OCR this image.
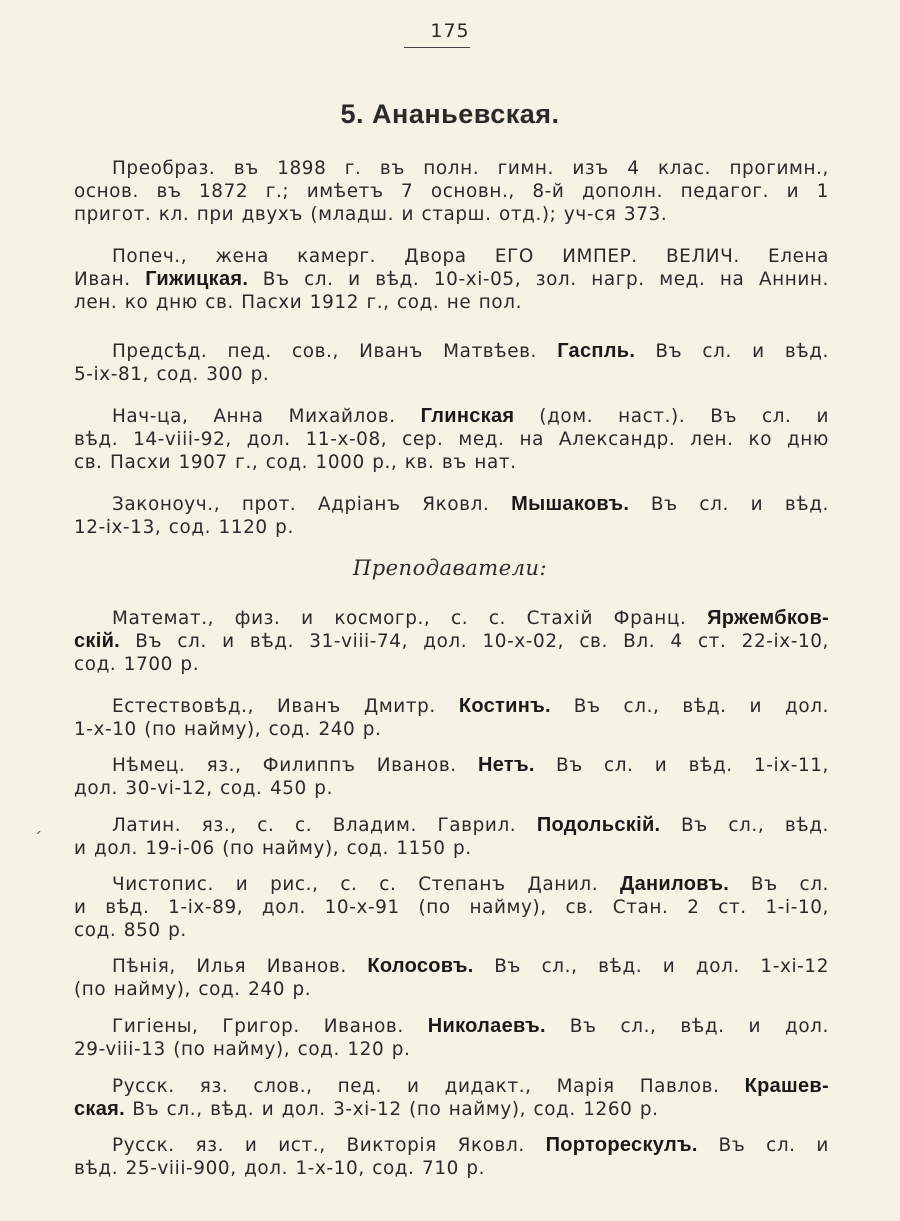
175
5. Ананьевская.
Преобраз. въ 1898 г. въ полн. гимн. изъ 4 клас. прогимн.,
основ. въ 1872 г.; имѣетъ 7 основн., 8-й дополн. педагог. и 1
пригот. кл. при двухъ (младш. и старш. отд.); уч-ся 373.
Попеч., жена камерг. Двора ЕГО ИМПЕР. ВЕЛИЧ. Елена
Иван. Гижицкая. Въ сл. и вѣд. 10-хі-05, зол. нагр. мед. на Аннин.
лен. ко дню св. Пасхи 1912 г., сод. не пол.
Предсѣд. пед. сов., Иванъ Матвѣев. Гаспль. Въ сл. и вѣд.
5-іх-81, сод. 300 р.
Нач-ца, Анна Михайлов. Глинская (дом. наст.). Въ сл. и
вѣд. 14-viii-92, дол. 11-х-08, сер. мед. на Александр. лен. ко дню
св. Пасхи 1907 г., сод. 1000 р., кв. въ нат.
Законоуч., прот. Адріанъ Яковл. Мышаковъ. Въ сл. и вѣд.
12-іх-13, сод. 1120 р.
Преподаватели:
Математ., физ. и космогр., с. с. Стахій Франц. Яржембков-
скій. Въ сл. и вѣд. 31-viii-74, дол. 10-х-02, св. Вл. 4 ст. 22-іх-10,
сод. 1700 р.
Естествовѣд., Иванъ Дмитр. Костинъ. Въ сл., вѣд. и дол.
1-х-10 (по найму), сод. 240 р.
Нѣмец. яз., Филиппъ Иванов. Нетъ. Въ сл. и вѣд. 1-іх-11,
дол. 30-vі-12, сод. 450 р.
Латин. яз., с. с. Владим. Гаврил. Подольскій. Въ сл., вѣд.
и дол. 19-і-06 (по найму), сод. 1150 р.
ˏ
Чистопис. и рис., с. с. Степанъ Данил. Даниловъ. Въ сл.
и вѣд. 1-іх-89, дол. 10-х-91 (по найму), св. Стан. 2 ст. 1-і-10,
сод. 850 р.
Пѣнія, Илья Иванов. Колосовъ. Въ сл., вѣд. и дол. 1-хі-12
(по найму), сод. 240 р.
Гигіены, Григор. Иванов. Николаевъ. Въ сл., вѣд. и дол.
29-viii-13 (по найму), сод. 120 р.
Русск. яз. слов., пед. и дидакт., Марія Павлов. Крашев-
ская. Въ сл., вѣд. и дол. 3-хі-12 (по найму), сод. 1260 р.
Русск. яз. и ист., Викторія Яковл. Порторескулъ. Въ сл. и
вѣд. 25-viii-900, дол. 1-х-10, сод. 710 р.
